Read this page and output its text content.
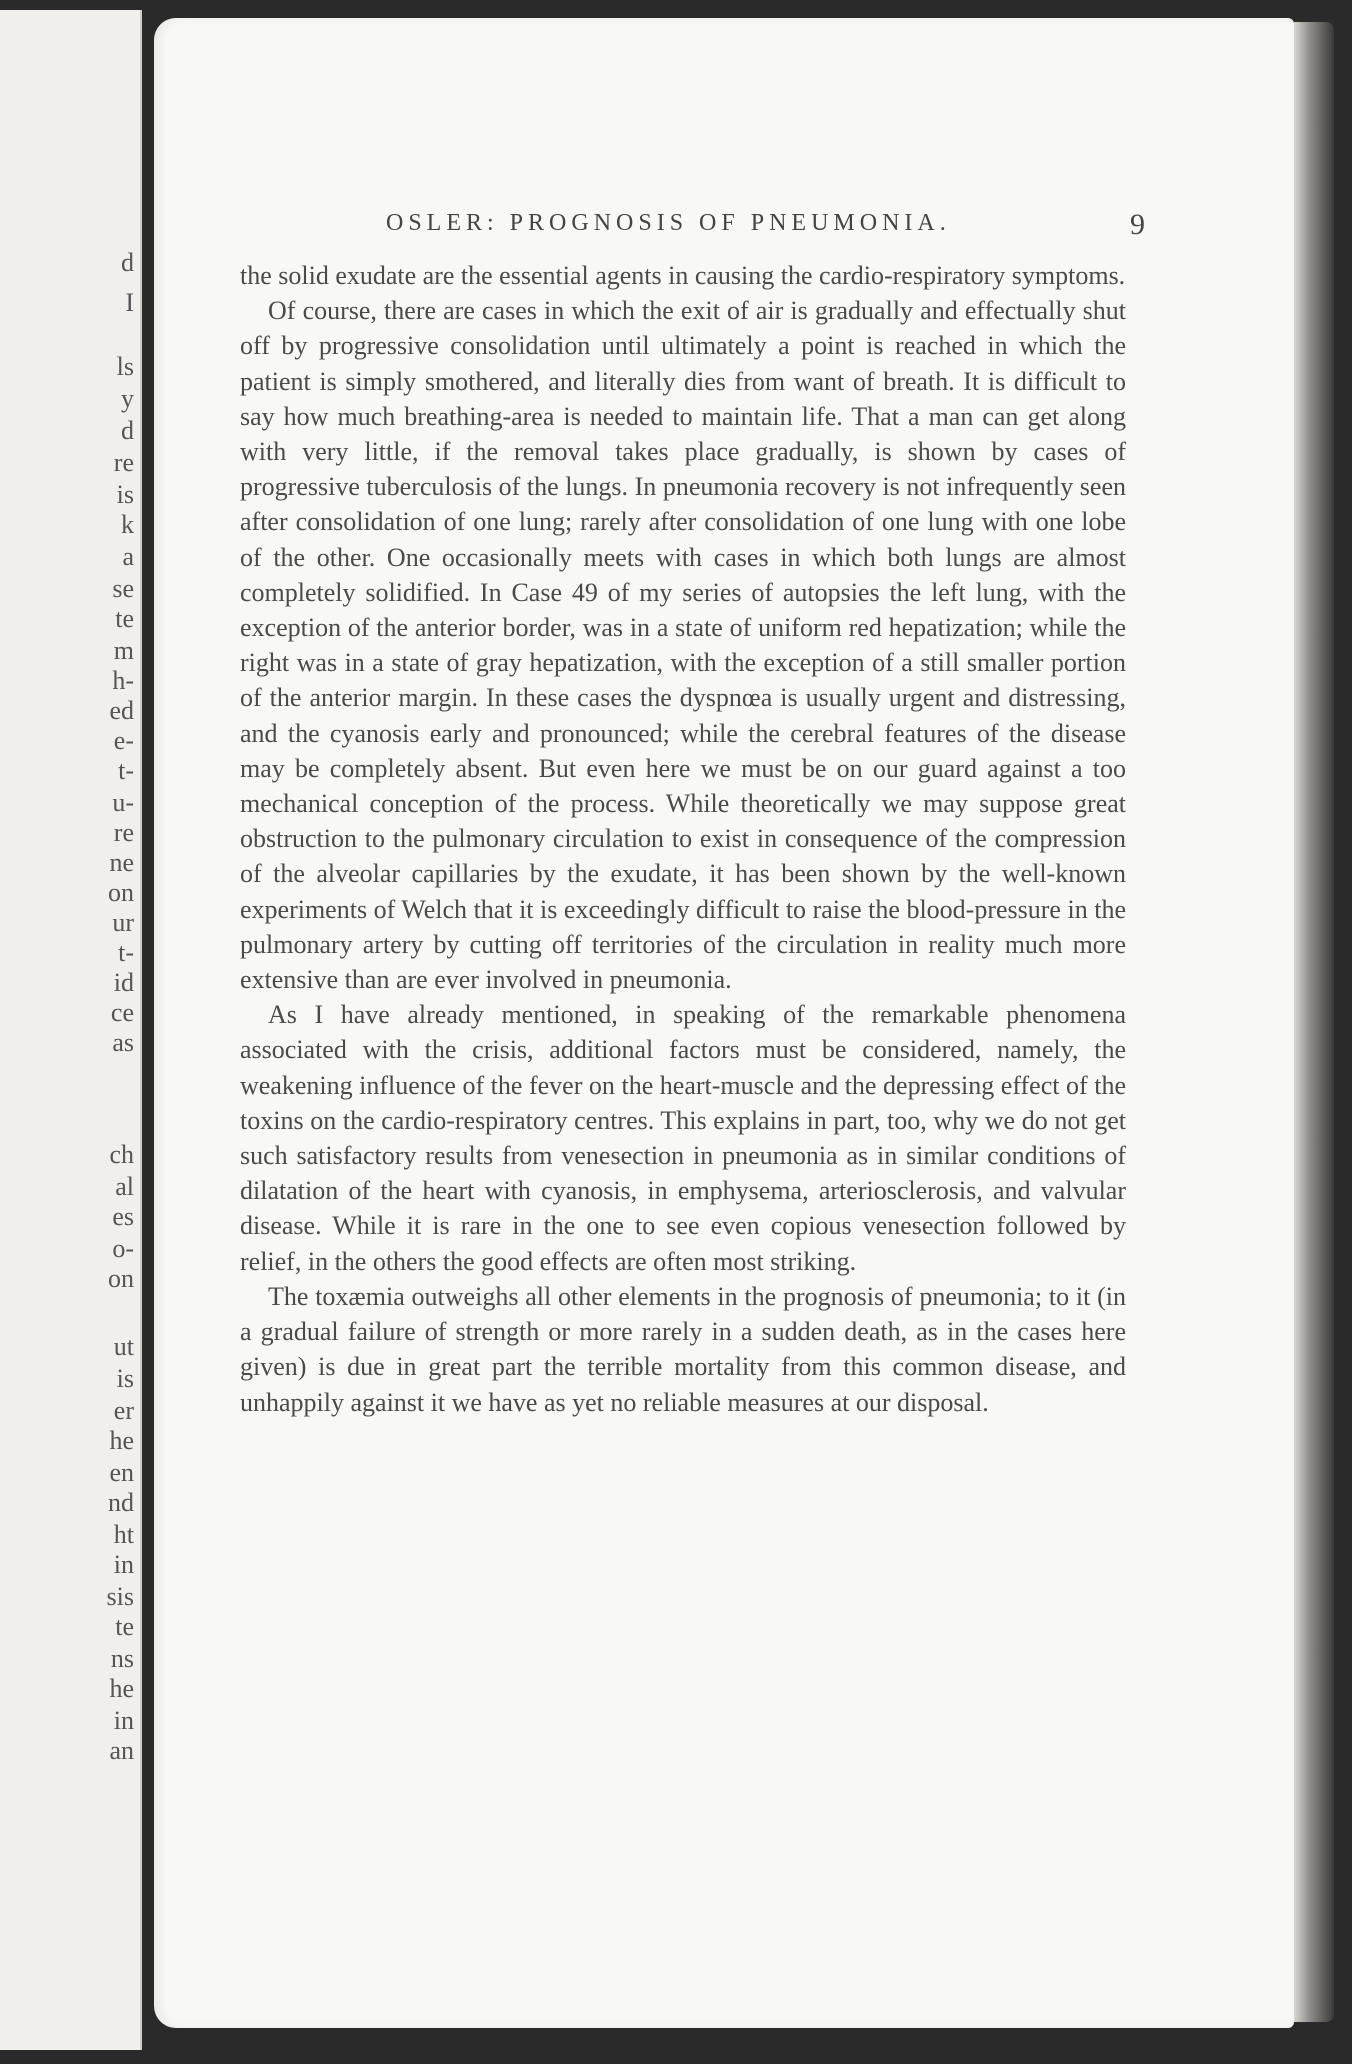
d
I
ls
y
d
re
is
k
a
se
te
m
h-
ed
e-
t-
u-
re
ne
on
ur
t-
id
ce
as
ch
al
es
o-
on
ut
is
er
he
en
nd
ht
in
sis
te
ns
he
in
an
OSLER: PROGNOSIS OF PNEUMONIA.	9

the solid exudate are the essential agents in causing the cardio-respiratory symptoms.

Of course, there are cases in which the exit of air is gradually and effectually shut off by progressive consolidation until ultimately a point is reached in which the patient is simply smothered, and literally dies from want of breath. It is difficult to say how much breathing-area is needed to maintain life. That a man can get along with very little, if the removal takes place gradually, is shown by cases of progressive tuberculosis of the lungs. In pneumonia recovery is not infrequently seen after consolidation of one lung; rarely after consolidation of one lung with one lobe of the other. One occasionally meets with cases in which both lungs are almost completely solidified. In Case 49 of my series of autopsies the left lung, with the exception of the anterior border, was in a state of uniform red hepatization; while the right was in a state of gray hepatization, with the exception of a still smaller portion of the anterior margin. In these cases the dyspnœa is usually urgent and distressing, and the cyanosis early and pronounced; while the cerebral features of the disease may be completely absent. But even here we must be on our guard against a too mechanical conception of the process. While theoretically we may suppose great obstruction to the pulmonary circulation to exist in consequence of the compression of the alveolar capillaries by the exudate, it has been shown by the well-known experiments of Welch that it is exceedingly difficult to raise the blood-pressure in the pulmonary artery by cutting off territories of the circulation in reality much more extensive than are ever involved in pneumonia.

As I have already mentioned, in speaking of the remarkable phenomena associated with the crisis, additional factors must be considered, namely, the weakening influence of the fever on the heart-muscle and the depressing effect of the toxins on the cardio-respiratory centres. This explains in part, too, why we do not get such satisfactory results from venesection in pneumonia as in similar conditions of dilatation of the heart with cyanosis, in emphysema, arteriosclerosis, and valvular disease. While it is rare in the one to see even copious venesection followed by relief, in the others the good effects are often most striking.

The toxæmia outweighs all other elements in the prognosis of pneumonia; to it (in a gradual failure of strength or more rarely in a sudden death, as in the cases here given) is due in great part the terrible mortality from this common disease, and unhappily against it we have as yet no reliable measures at our disposal.
